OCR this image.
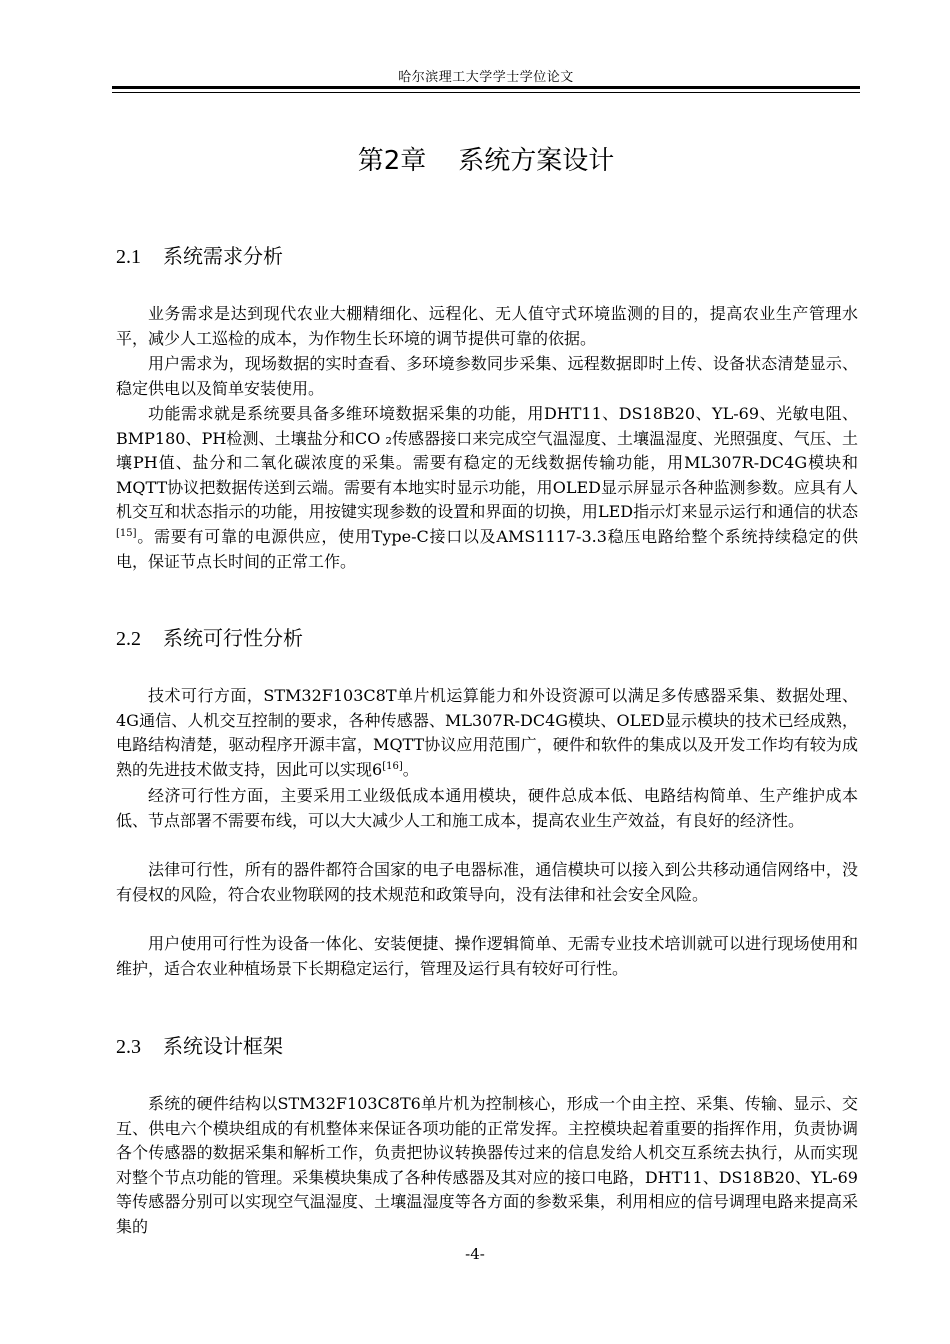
哈尔滨理工大学学士学位论文
第2章 系统方案设计
2.1 系统需求分析

业务需求是达到现代农业大棚精细化、远程化、无人值守式环境监测的目的，提高农业生产管理水平，减少人工巡检的成本，为作物生长环境的调节提供可靠的依据。

用户需求为，现场数据的实时查看、多环境参数同步采集、远程数据即时上传、设备状态清楚显示、稳定供电以及简单安装使用。

功能需求就是系统要具备多维环境数据采集的功能，用DHT11、DS18B20、YL-69、光敏电阻、BMP180、PH检测、土壤盐分和CO ₂传感器接口来完成空气温湿度、土壤温湿度、光照强度、气压、土壤PH值、盐分和二氧化碳浓度的采集。需要有稳定的无线数据传输功能，用ML307R-DC4G模块和MQTT协议把数据传送到云端。需要有本地实时显示功能，用OLED显示屏显示各种监测参数。应具有人机交互和状态指示的功能，用按键实现参数的设置和界面的切换，用LED指示灯来显示运行和通信的状态[15]。需要有可靠的电源供应，使用Type-C接口以及AMS1117-3.3稳压电路给整个系统持续稳定的供电，保证节点长时间的正常工作。

2.2 系统可行性分析

技术可行方面，STM32F103C8T单片机运算能力和外设资源可以满足多传感器采集、数据处理、4G通信、人机交互控制的要求，各种传感器、ML307R-DC4G模块、OLED显示模块的技术已经成熟，电路结构清楚，驱动程序开源丰富，MQTT协议应用范围广，硬件和软件的集成以及开发工作均有较为成熟的先进技术做支持，因此可以实现6[16]。

经济可行性方面，主要采用工业级低成本通用模块，硬件总成本低、电路结构简单、生产维护成本低、节点部署不需要布线，可以大大减少人工和施工成本，提高农业生产效益，有良好的经济性。

法律可行性，所有的器件都符合国家的电子电器标准，通信模块可以接入到公共移动通信网络中，没有侵权的风险，符合农业物联网的技术规范和政策导向，没有法律和社会安全风险。

用户使用可行性为设备一体化、安装便捷、操作逻辑简单、无需专业技术培训就可以进行现场使用和维护，适合农业种植场景下长期稳定运行，管理及运行具有较好可行性。

2.3 系统设计框架

系统的硬件结构以STM32F103C8T6单片机为控制核心，形成一个由主控、采集、传输、显示、交互、供电六个模块组成的有机整体来保证各项功能的正常发挥。主控模块起着重要的指挥作用，负责协调各个传感器的数据采集和解析工作，负责把协议转换器传过来的信息发给人机交互系统去执行，从而实现对整个节点功能的管理。采集模块集成了各种传感器及其对应的接口电路，DHT11、DS18B20、YL-69等传感器分别可以实现空气温湿度、土壤温湿度等各方面的参数采集，利用相应的信号调理电路来提高采集的

-4-
